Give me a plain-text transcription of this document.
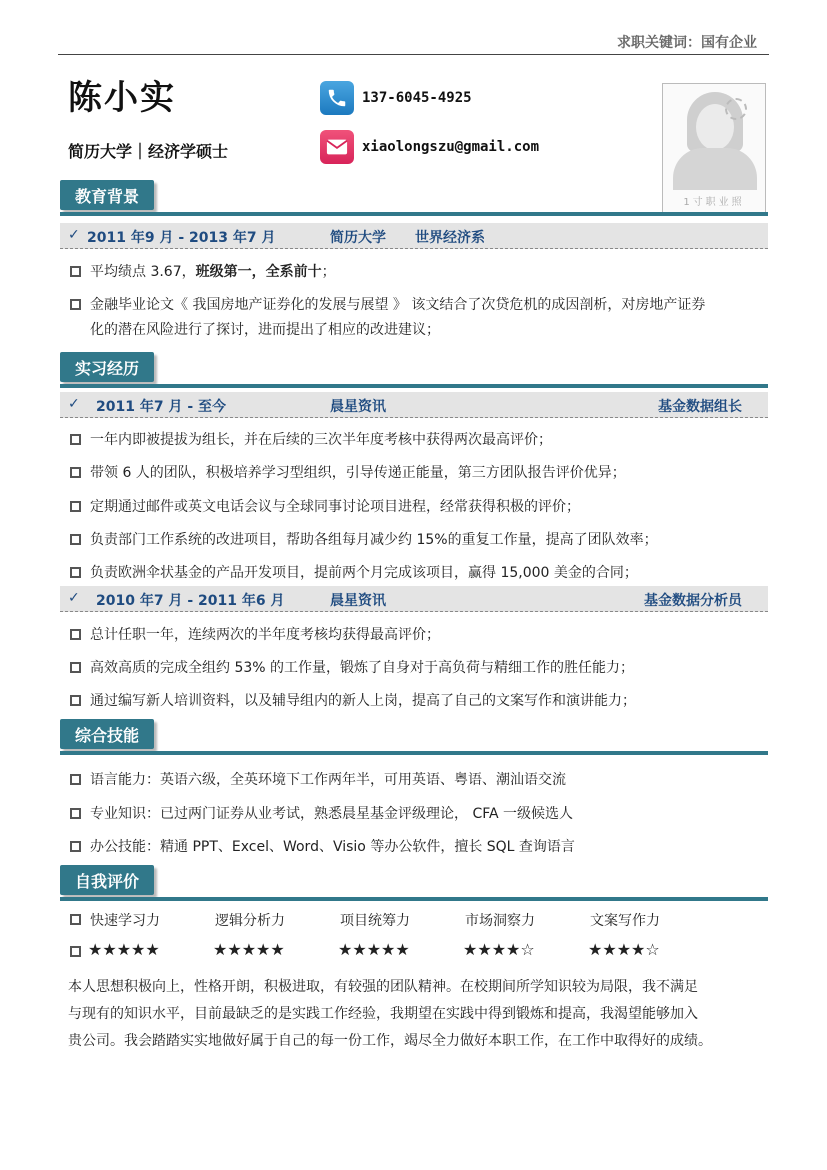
求职关键词：国有企业
陈小实
简历大学｜经济学硕士
137-6045-4925
xiaolongszu@gmail.com
1寸职业照
教育背景
✓ 2011 年9 月 - 2013 年7 月	简历大学 世界经济系
平均绩点 3.67，班级第一，全系前十；
金融毕业论文《 我国房地产证券化的发展与展望 》 该文结合了次贷危机的成因剖析，对房地产证券
化的潜在风险进行了探讨，进而提出了相应的改进建议；
实习经历
✓ 2011 年7 月 - 至今	晨星资讯	基金数据组长
一年内即被提拔为组长，并在后续的三次半年度考核中获得两次最高评价；
带领 6 人的团队，积极培养学习型组织，引导传递正能量，第三方团队报告评价优异；
定期通过邮件或英文电话会议与全球同事讨论项目进程，经常获得积极的评价；
负责部门工作系统的改进项目，帮助各组每月减少约 15%的重复工作量，提高了团队效率；
负责欧洲伞状基金的产品开发项目，提前两个月完成该项目，赢得 15,000 美金的合同；
✓ 2010 年7 月 - 2011 年6 月	晨星资讯	基金数据分析员
总计任职一年，连续两次的半年度考核均获得最高评价；
高效高质的完成全组约 53% 的工作量，锻炼了自身对于高负荷与精细工作的胜任能力；
通过编写新人培训资料，以及辅导组内的新人上岗，提高了自己的文案写作和演讲能力；
综合技能
语言能力：英语六级，全英环境下工作两年半，可用英语、粤语、潮汕语交流
专业知识：已过两门证券从业考试，熟悉晨星基金评级理论， CFA 一级候选人
办公技能：精通 PPT、Excel、Word、Visio 等办公软件，擅长 SQL 查询语言
自我评价
快速学习力	逻辑分析力	项目统筹力	市场洞察力	文案写作力
★★★★★	★★★★★	★★★★★	★★★★☆	★★★★☆
本人思想积极向上，性格开朗，积极进取，有较强的团队精神。在校期间所学知识较为局限，我不满足
与现有的知识水平，目前最缺乏的是实践工作经验，我期望在实践中得到锻炼和提高，我渴望能够加入
贵公司。我会踏踏实实地做好属于自己的每一份工作，竭尽全力做好本职工作，在工作中取得好的成绩。
